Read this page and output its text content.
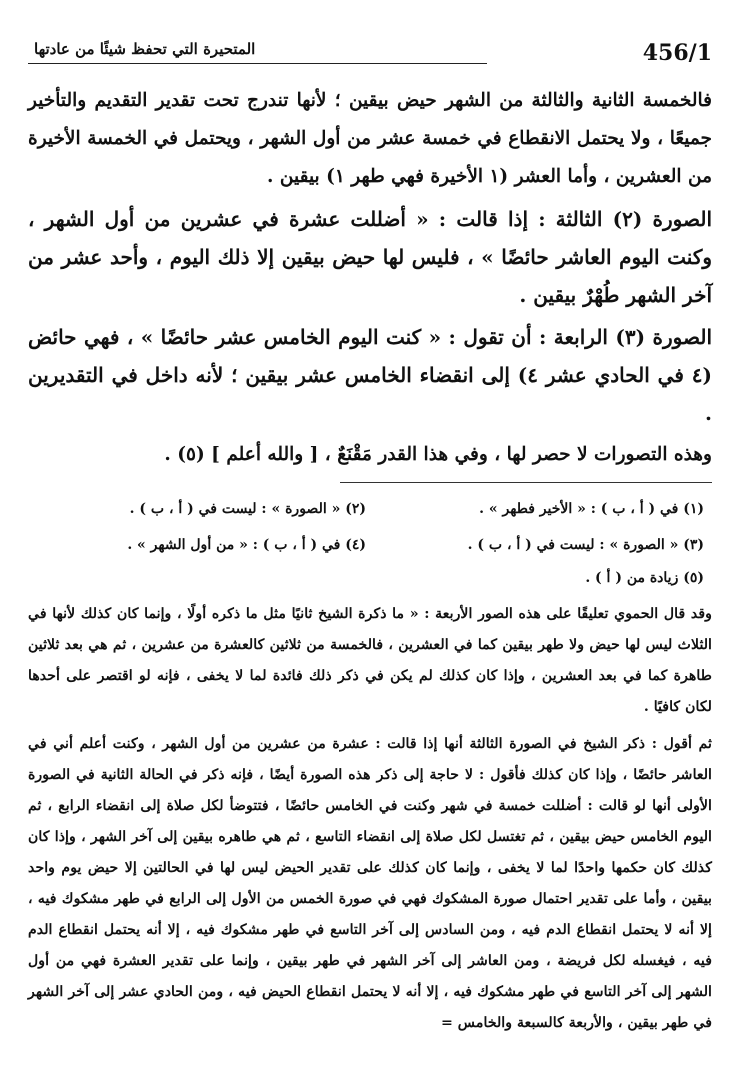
456/1
المتحيرة التي تحفظ شيئًا من عادتها

فالخمسة الثانية والثالثة من الشهر حيض بيقين ؛ لأنها تندرج تحت تقدير التقديم والتأخير جميعًا ، ولا يحتمل الانقطاع في خمسة عشر من أول الشهر ، ويحتمل في الخمسة الأخيرة من العشرين ، وأما العشر (١ الأخيرة فهي طهر ١) بيقين .

الصورة (٢) الثالثة : إذا قالت : « أضللت عشرة في عشرين من أول الشهر ، وكنت اليوم العاشر حائضًا » ، فليس لها حيض بيقين إلا ذلك اليوم ، وأحد عشر من آخر الشهر طُهْرٌ بيقين .

الصورة (٣) الرابعة : أن تقول : « كنت اليوم الخامس عشر حائضًا » ، فهي حائض (٤ في الحادي عشر ٤) إلى انقضاء الخامس عشر بيقين ؛ لأنه داخل في التقديرين .

وهذه التصورات لا حصر لها ، وفي هذا القدر مَقْنَعٌ ، [ والله أعلم ] (٥) .

(١) في ( أ ، ب ) : « الأخير فطهر » .
(٢) « الصورة » : ليست في ( أ ، ب ) .
(٣) « الصورة » : ليست في ( أ ، ب ) .
(٤) في ( أ ، ب ) : « من أول الشهر » .
(٥) زيادة من ( أ ) .

وقد قال الحموي تعليقًا على هذه الصور الأربعة : « ما ذكرة الشيخ ثانيًا مثل ما ذكره أولًا ، وإنما كان كذلك لأنها في الثلاث ليس لها حيض ولا طهر بيقين كما في العشرين ، فالخمسة من ثلاثين كالعشرة من عشرين ، ثم هي بعد ثلاثين طاهرة كما في بعد العشرين ، وإذا كان كذلك لم يكن في ذكر ذلك فائدة لما لا يخفى ، فإنه لو اقتصر على أحدها لكان كافيًا .

ثم أقول : ذكر الشيخ في الصورة الثالثة أنها إذا قالت : عشرة من عشرين من أول الشهر ، وكنت أعلم أني في العاشر حائضًا ، وإذا كان كذلك فأقول : لا حاجة إلى ذكر هذه الصورة أيضًا ، فإنه ذكر في الحالة الثانية في الصورة الأولى أنها لو قالت : أضللت خمسة في شهر وكنت في الخامس حائضًا ، فتتوضأ لكل صلاة إلى انقضاء الرابع ، ثم اليوم الخامس حيض بيقين ، ثم تغتسل لكل صلاة إلى انقضاء التاسع ، ثم هي طاهره بيقين إلى آخر الشهر ، وإذا كان كذلك كان حكمها واحدًا لما لا يخفى ، وإنما كان كذلك على تقدير الحيض ليس لها في الحالتين إلا حيض يوم واحد بيقين ، وأما على تقدير احتمال صورة المشكوك فهي في صورة الخمس من الأول إلى الرابع في طهر مشكوك فيه ، إلا أنه لا يحتمل انقطاع الدم فيه ، ومن السادس إلى آخر التاسع في طهر مشكوك فيه ، إلا أنه يحتمل انقطاع الدم فيه ، فيغسله لكل فريضة ، ومن العاشر إلى آخر الشهر في طهر بيقين ، وإنما على تقدير العشرة فهي من أول الشهر إلى آخر التاسع في طهر مشكوك فيه ، إلا أنه لا يحتمل انقطاع الحيض فيه ، ومن الحادي عشر إلى آخر الشهر في طهر بيقين ، والأربعة كالسبعة والخامس =
